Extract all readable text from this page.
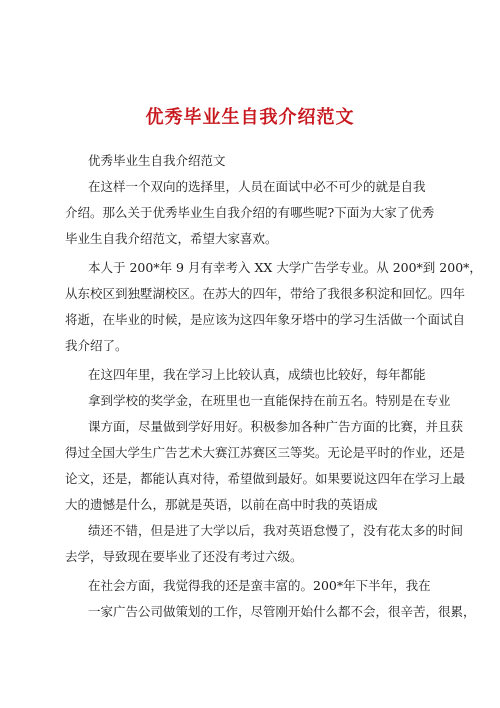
优秀毕业生自我介绍范文
优秀毕业生自我介绍范文
在这样一个双向的选择里，人员在面试中必不可少的就是自我
介绍。那么关于优秀毕业生自我介绍的有哪些呢?下面为大家了优秀
毕业生自我介绍范文，希望大家喜欢。
本人于 200*年 9 月有幸考入 XX 大学广告学专业。从 200*到 200*，
从东校区到独墅湖校区。在苏大的四年，带给了我很多积淀和回忆。四年
将逝，在毕业的时候，是应该为这四年象牙塔中的学习生活做一个面试自
我介绍了。
在这四年里，我在学习上比较认真，成绩也比较好，每年都能
拿到学校的奖学金，在班里也一直能保持在前五名。特别是在专业
课方面，尽量做到学好用好。积极参加各种广告方面的比赛，并且获
得过全国大学生广告艺术大赛江苏赛区三等奖。无论是平时的作业，还是
论文，还是，都能认真对待，希望做到最好。如果要说这四年在学习上最
大的遗憾是什么，那就是英语，以前在高中时我的英语成
绩还不错，但是进了大学以后，我对英语怠慢了，没有花太多的时间
去学，导致现在要毕业了还没有考过六级。
在社会方面，我觉得我的还是蛮丰富的。200*年下半年，我在
一家广告公司做策划的工作，尽管刚开始什么都不会，很辛苦，很累，
